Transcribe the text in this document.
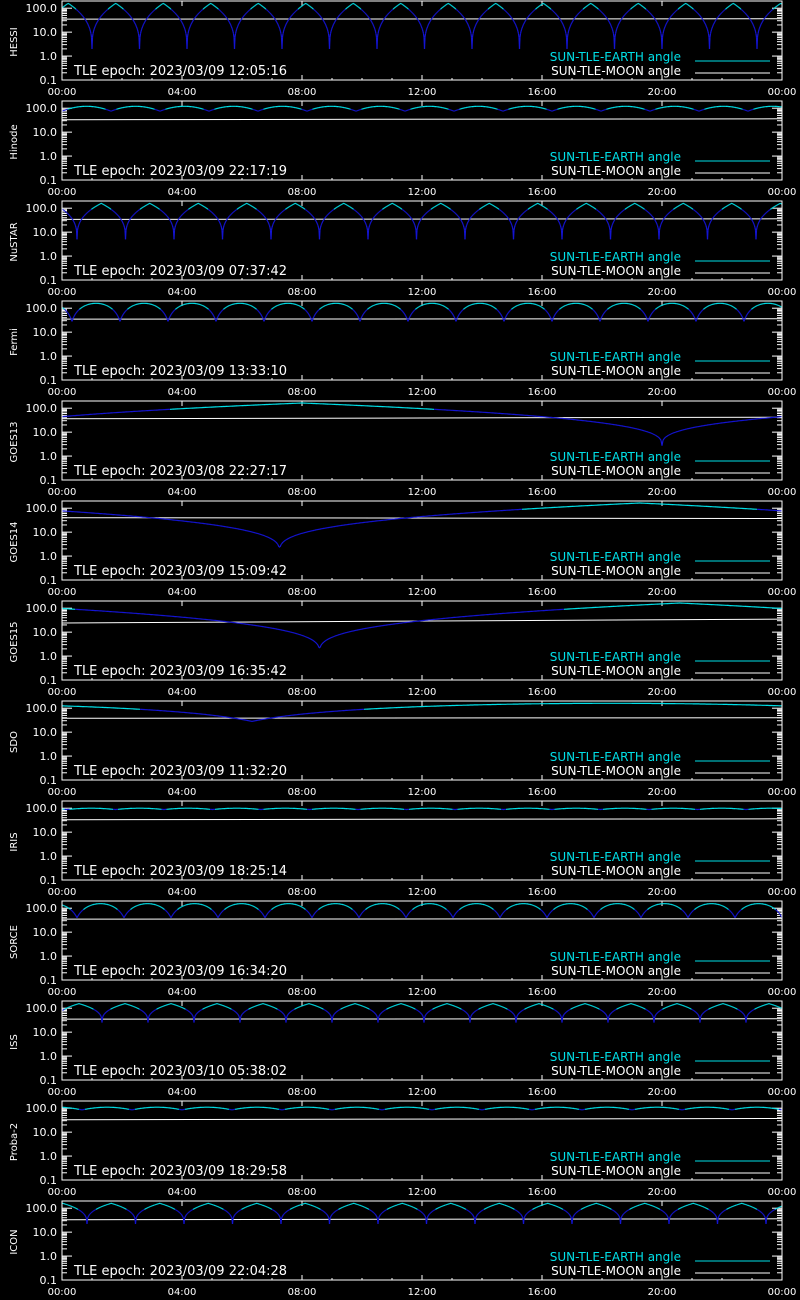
HESSI
100.0
10.0
1.0
0.1
00:00	04:00	08:00	12:00	16:00	20:00	00:00
SUN-TLE-EARTH angle
SUN-TLE-MOON angle
TLE epoch: 2023/03/09 12:05:16
Hinode
100.0
10.0
1.0
0.1
00:00	04:00	08:00	12:00	16:00	20:00	00:00
SUN-TLE-EARTH angle
SUN-TLE-MOON angle
TLE epoch: 2023/03/09 22:17:19
NuSTAR
100.0
10.0
1.0
0.1
00:00	04:00	08:00	12:00	16:00	20:00	00:00
SUN-TLE-EARTH angle
SUN-TLE-MOON angle
TLE epoch: 2023/03/09 07:37:42
Fermi
100.0
10.0
1.0
0.1
00:00	04:00	08:00	12:00	16:00	20:00	00:00
SUN-TLE-EARTH angle
SUN-TLE-MOON angle
TLE epoch: 2023/03/09 13:33:10
GOES13
100.0
10.0
1.0
0.1
00:00	04:00	08:00	12:00	16:00	20:00	00:00
SUN-TLE-EARTH angle
SUN-TLE-MOON angle
TLE epoch: 2023/03/08 22:27:17
GOES14
100.0
10.0
1.0
0.1
00:00	04:00	08:00	12:00	16:00	20:00	00:00
SUN-TLE-EARTH angle
SUN-TLE-MOON angle
TLE epoch: 2023/03/09 15:09:42
GOES15
100.0
10.0
1.0
0.1
00:00	04:00	08:00	12:00	16:00	20:00	00:00
SUN-TLE-EARTH angle
SUN-TLE-MOON angle
TLE epoch: 2023/03/09 16:35:42
SDO
100.0
10.0
1.0
0.1
00:00	04:00	08:00	12:00	16:00	20:00	00:00
SUN-TLE-EARTH angle
SUN-TLE-MOON angle
TLE epoch: 2023/03/09 11:32:20
IRIS
100.0
10.0
1.0
0.1
00:00	04:00	08:00	12:00	16:00	20:00	00:00
SUN-TLE-EARTH angle
SUN-TLE-MOON angle
TLE epoch: 2023/03/09 18:25:14
SORCE
100.0
10.0
1.0
0.1
00:00	04:00	08:00	12:00	16:00	20:00	00:00
SUN-TLE-EARTH angle
SUN-TLE-MOON angle
TLE epoch: 2023/03/09 16:34:20
ISS
100.0
10.0
1.0
0.1
00:00	04:00	08:00	12:00	16:00	20:00	00:00
SUN-TLE-EARTH angle
SUN-TLE-MOON angle
TLE epoch: 2023/03/10 05:38:02
Proba-2
100.0
10.0
1.0
0.1
00:00	04:00	08:00	12:00	16:00	20:00	00:00
SUN-TLE-EARTH angle
SUN-TLE-MOON angle
TLE epoch: 2023/03/09 18:29:58
ICON
100.0
10.0
1.0
0.1
00:00	04:00	08:00	12:00	16:00	20:00	00:00
SUN-TLE-EARTH angle
SUN-TLE-MOON angle
TLE epoch: 2023/03/09 22:04:28
